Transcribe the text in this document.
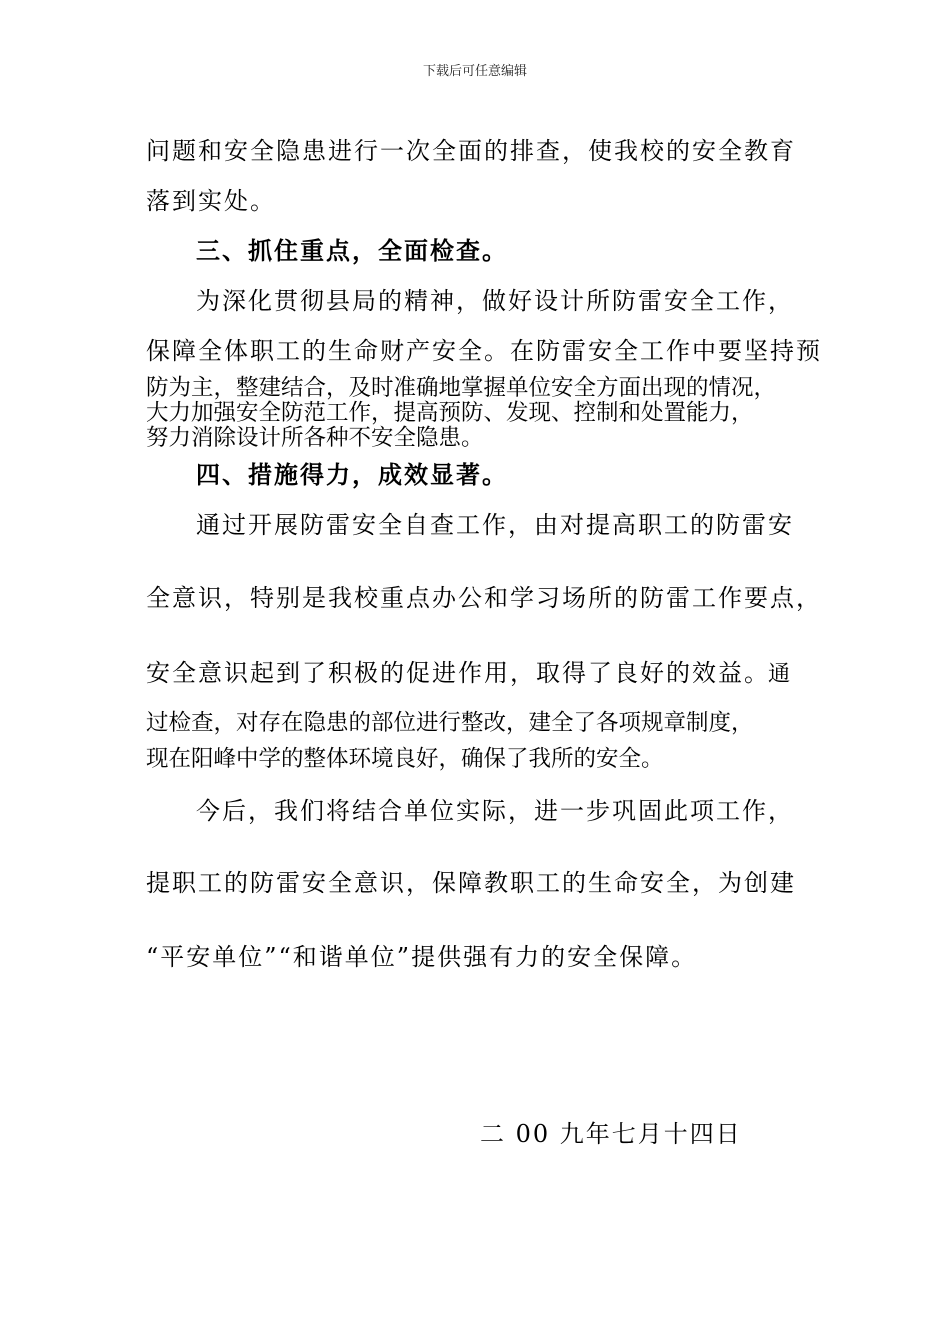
下载后可任意编辑
问题和安全隐患进行一次全面的排查，使我校的安全教育
落到实处。
三、抓住重点，全面检查。
为深化贯彻县局的精神，做好设计所防雷安全工作，
保障全体职工的生命财产安全。在防雷安全工作中要坚持预
防为主，整建结合，及时准确地掌握单位安全方面出现的情况，
大力加强安全防范工作，提高预防、发现、控制和处置能力，
努力消除设计所各种不安全隐患。
四、措施得力，成效显著。
通过开展防雷安全自查工作，由对提高职工的防雷安
全意识，特别是我校重点办公和学习场所的防雷工作要点，
安全意识起到了积极的促进作用，取得了良好的效益。
通
过检查，对存在隐患的部位进行整改，建全了各项规章制度，
现在阳峰中学的整体环境良好，确保了我所的安全。
今后，我们将结合单位实际，进一步巩固此项工作，
提职工的防雷安全意识，保障教职工的生命安全，为创建
“平安单位”“和谐单位”提供强有力的安全保障。
二 00 九年七月十四日
